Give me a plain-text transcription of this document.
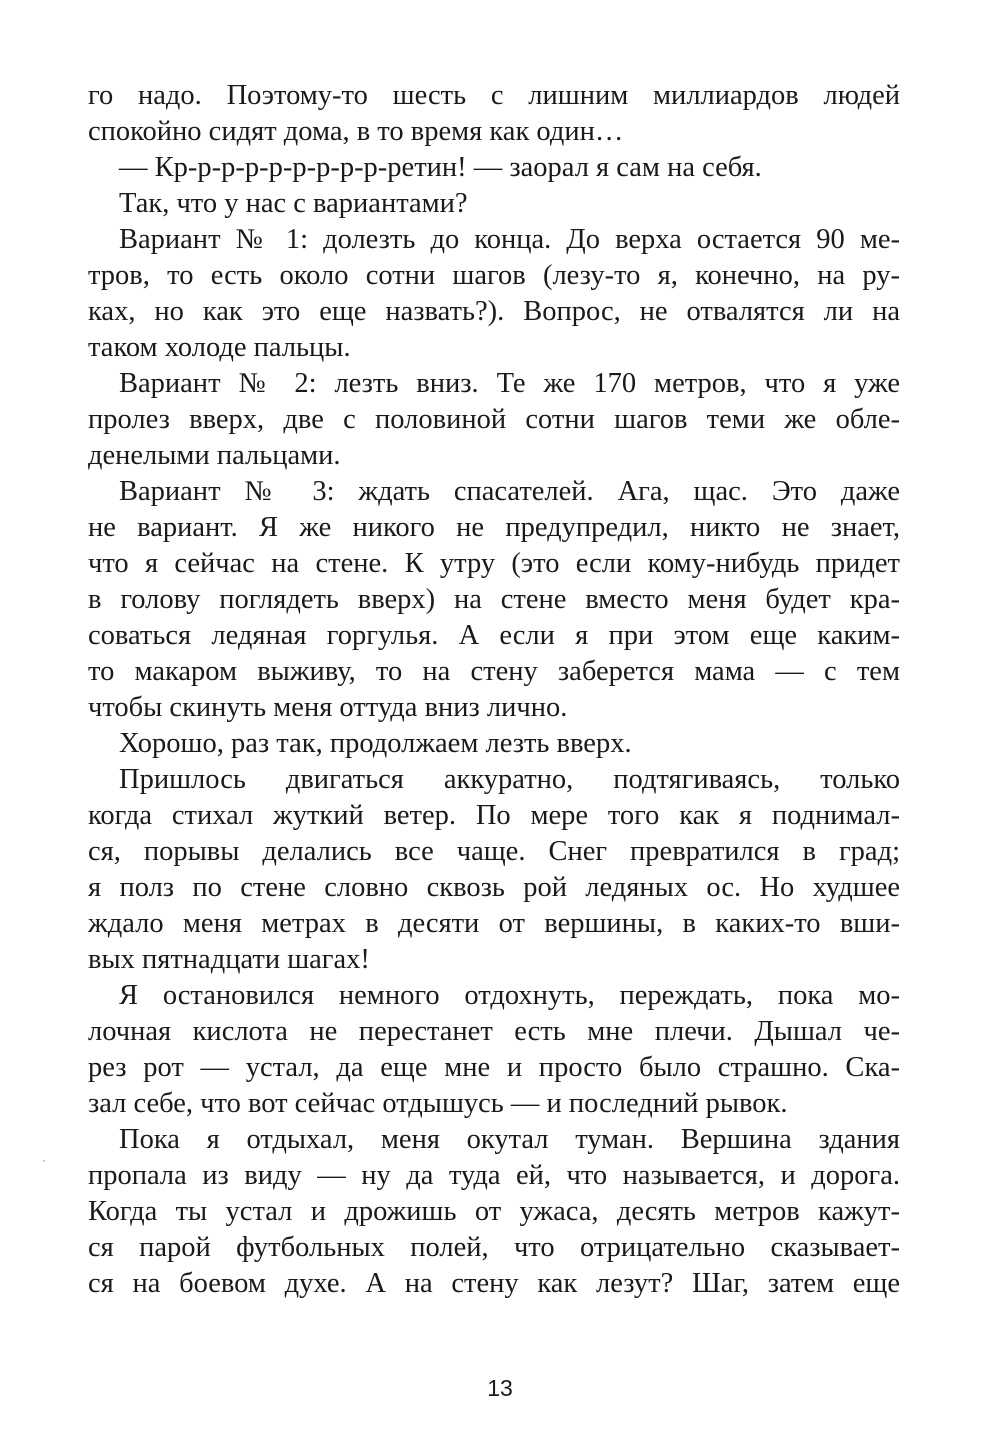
го надо. Поэтому-то шесть с лишним миллиардов людей
спокойно сидят дома, в то время как один…
— Кр-р-р-р-р-р-р-р-р-ретин! — заорал я сам на себя.
Так, что у нас с вариантами?
Вариант № 1: долезть до конца. До верха остается 90 ме-
тров, то есть около сотни шагов (лезу-то я, конечно, на ру-
ках, но как это еще назвать?). Вопрос, не отвалятся ли на
таком холоде пальцы.
Вариант № 2: лезть вниз. Те же 170 метров, что я уже
пролез вверх, две с половиной сотни шагов теми же обле-
денелыми пальцами.
Вариант № 3: ждать спасателей. Ага, щас. Это даже
не вариант. Я же никого не предупредил, никто не знает,
что я сейчас на стене. К утру (это если кому-нибудь придет
в голову поглядеть вверх) на стене вместо меня будет кра-
соваться ледяная горгулья. А если я при этом еще каким-
то макаром выживу, то на стену заберется мама — с тем
чтобы скинуть меня оттуда вниз лично.
Хорошо, раз так, продолжаем лезть вверх.
Пришлось двигаться аккуратно, подтягиваясь, только
когда стихал жуткий ветер. По мере того как я поднимал-
ся, порывы делались все чаще. Снег превратился в град;
я полз по стене словно сквозь рой ледяных ос. Но худшее
ждало меня метрах в десяти от вершины, в каких-то вши-
вых пятнадцати шагах!
Я остановился немного отдохнуть, переждать, пока мо-
лочная кислота не перестанет есть мне плечи. Дышал че-
рез рот — устал, да еще мне и просто было страшно. Ска-
зал себе, что вот сейчас отдышусь — и последний рывок.
Пока я отдыхал, меня окутал туман. Вершина здания
пропала из виду — ну да туда ей, что называется, и дорога.
Когда ты устал и дрожишь от ужаса, десять метров кажут-
ся парой футбольных полей, что отрицательно сказывает-
ся на боевом духе. А на стену как лезут? Шаг, затем еще
13
